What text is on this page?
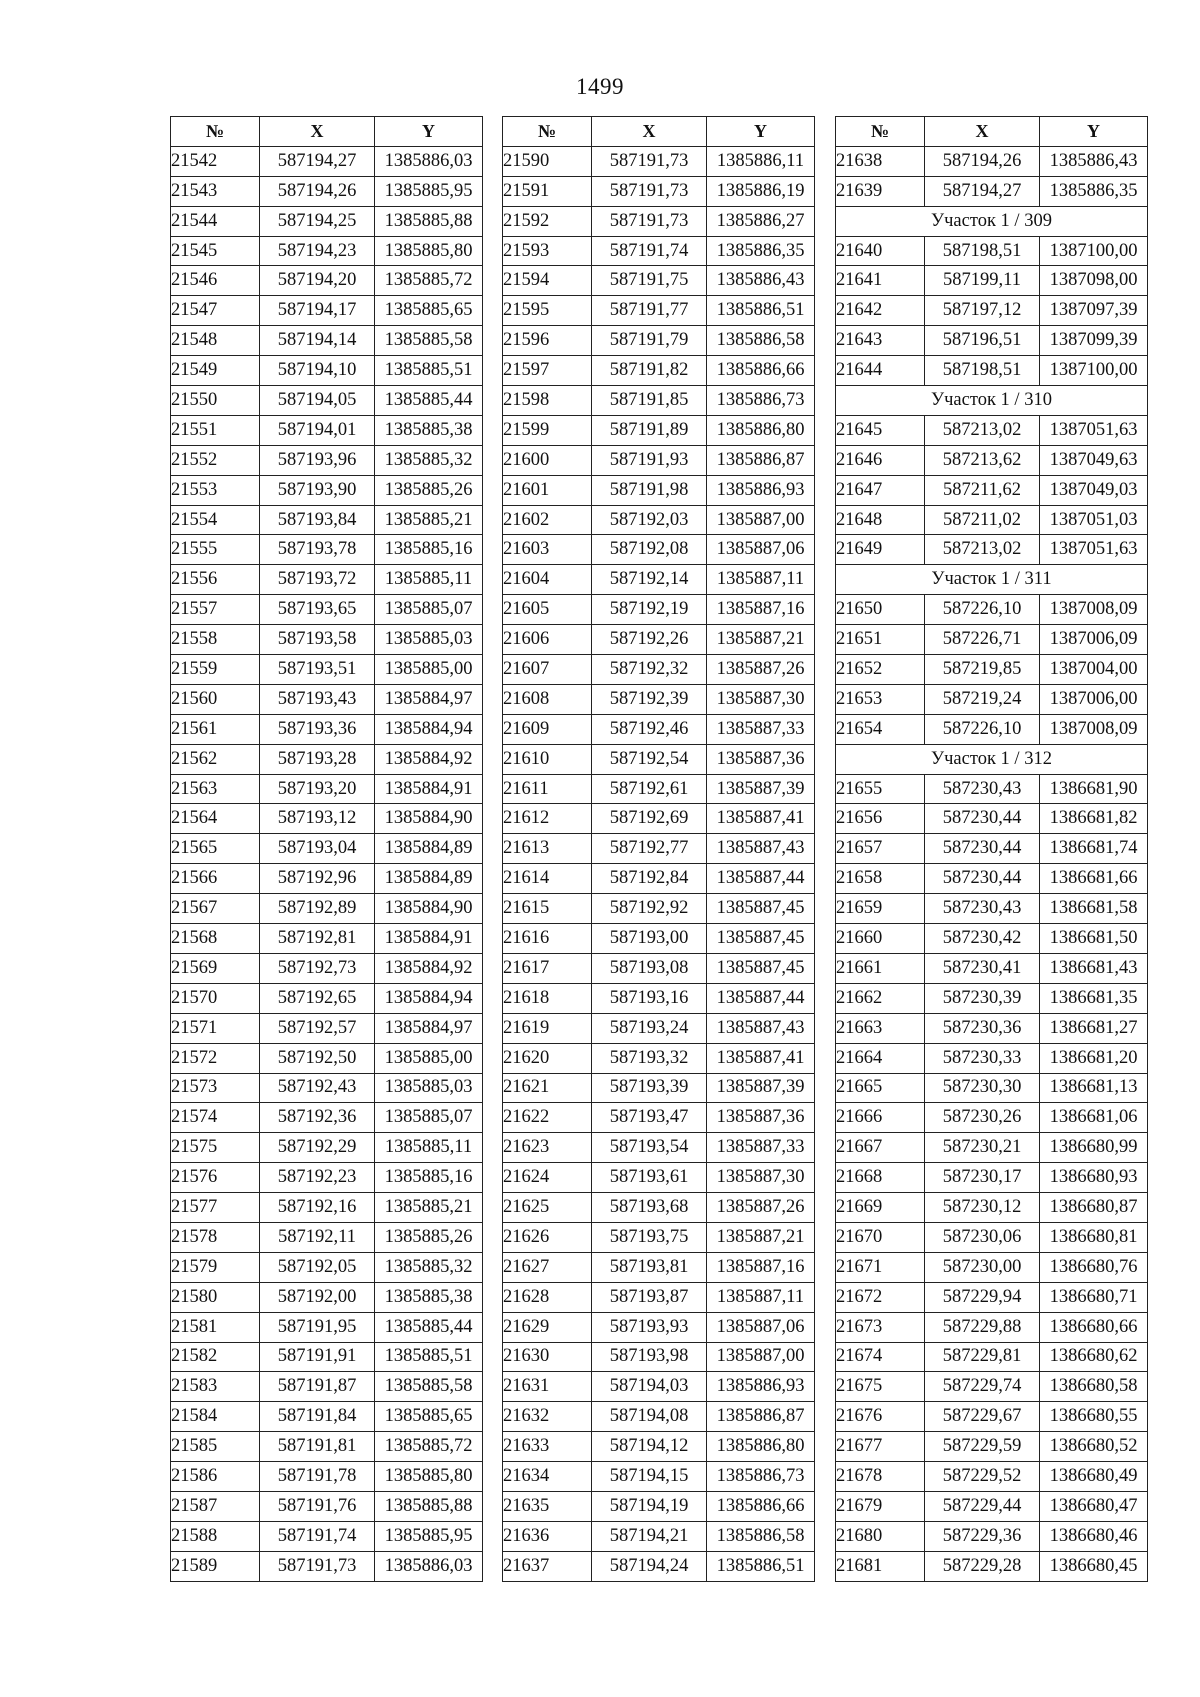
1499
№	X	Y
21542	587194,27	1385886,03
21543	587194,26	1385885,95
21544	587194,25	1385885,88
21545	587194,23	1385885,80
21546	587194,20	1385885,72
21547	587194,17	1385885,65
21548	587194,14	1385885,58
21549	587194,10	1385885,51
21550	587194,05	1385885,44
21551	587194,01	1385885,38
21552	587193,96	1385885,32
21553	587193,90	1385885,26
21554	587193,84	1385885,21
21555	587193,78	1385885,16
21556	587193,72	1385885,11
21557	587193,65	1385885,07
21558	587193,58	1385885,03
21559	587193,51	1385885,00
21560	587193,43	1385884,97
21561	587193,36	1385884,94
21562	587193,28	1385884,92
21563	587193,20	1385884,91
21564	587193,12	1385884,90
21565	587193,04	1385884,89
21566	587192,96	1385884,89
21567	587192,89	1385884,90
21568	587192,81	1385884,91
21569	587192,73	1385884,92
21570	587192,65	1385884,94
21571	587192,57	1385884,97
21572	587192,50	1385885,00
21573	587192,43	1385885,03
21574	587192,36	1385885,07
21575	587192,29	1385885,11
21576	587192,23	1385885,16
21577	587192,16	1385885,21
21578	587192,11	1385885,26
21579	587192,05	1385885,32
21580	587192,00	1385885,38
21581	587191,95	1385885,44
21582	587191,91	1385885,51
21583	587191,87	1385885,58
21584	587191,84	1385885,65
21585	587191,81	1385885,72
21586	587191,78	1385885,80
21587	587191,76	1385885,88
21588	587191,74	1385885,95
21589	587191,73	1385886,03
№	X	Y
21590	587191,73	1385886,11
21591	587191,73	1385886,19
21592	587191,73	1385886,27
21593	587191,74	1385886,35
21594	587191,75	1385886,43
21595	587191,77	1385886,51
21596	587191,79	1385886,58
21597	587191,82	1385886,66
21598	587191,85	1385886,73
21599	587191,89	1385886,80
21600	587191,93	1385886,87
21601	587191,98	1385886,93
21602	587192,03	1385887,00
21603	587192,08	1385887,06
21604	587192,14	1385887,11
21605	587192,19	1385887,16
21606	587192,26	1385887,21
21607	587192,32	1385887,26
21608	587192,39	1385887,30
21609	587192,46	1385887,33
21610	587192,54	1385887,36
21611	587192,61	1385887,39
21612	587192,69	1385887,41
21613	587192,77	1385887,43
21614	587192,84	1385887,44
21615	587192,92	1385887,45
21616	587193,00	1385887,45
21617	587193,08	1385887,45
21618	587193,16	1385887,44
21619	587193,24	1385887,43
21620	587193,32	1385887,41
21621	587193,39	1385887,39
21622	587193,47	1385887,36
21623	587193,54	1385887,33
21624	587193,61	1385887,30
21625	587193,68	1385887,26
21626	587193,75	1385887,21
21627	587193,81	1385887,16
21628	587193,87	1385887,11
21629	587193,93	1385887,06
21630	587193,98	1385887,00
21631	587194,03	1385886,93
21632	587194,08	1385886,87
21633	587194,12	1385886,80
21634	587194,15	1385886,73
21635	587194,19	1385886,66
21636	587194,21	1385886,58
21637	587194,24	1385886,51
№	X	Y
21638	587194,26	1385886,43
21639	587194,27	1385886,35
Участок 1 / 309		
21640	587198,51	1387100,00
21641	587199,11	1387098,00
21642	587197,12	1387097,39
21643	587196,51	1387099,39
21644	587198,51	1387100,00
Участок 1 / 310		
21645	587213,02	1387051,63
21646	587213,62	1387049,63
21647	587211,62	1387049,03
21648	587211,02	1387051,03
21649	587213,02	1387051,63
Участок 1 / 311		
21650	587226,10	1387008,09
21651	587226,71	1387006,09
21652	587219,85	1387004,00
21653	587219,24	1387006,00
21654	587226,10	1387008,09
Участок 1 / 312		
21655	587230,43	1386681,90
21656	587230,44	1386681,82
21657	587230,44	1386681,74
21658	587230,44	1386681,66
21659	587230,43	1386681,58
21660	587230,42	1386681,50
21661	587230,41	1386681,43
21662	587230,39	1386681,35
21663	587230,36	1386681,27
21664	587230,33	1386681,20
21665	587230,30	1386681,13
21666	587230,26	1386681,06
21667	587230,21	1386680,99
21668	587230,17	1386680,93
21669	587230,12	1386680,87
21670	587230,06	1386680,81
21671	587230,00	1386680,76
21672	587229,94	1386680,71
21673	587229,88	1386680,66
21674	587229,81	1386680,62
21675	587229,74	1386680,58
21676	587229,67	1386680,55
21677	587229,59	1386680,52
21678	587229,52	1386680,49
21679	587229,44	1386680,47
21680	587229,36	1386680,46
21681	587229,28	1386680,45
